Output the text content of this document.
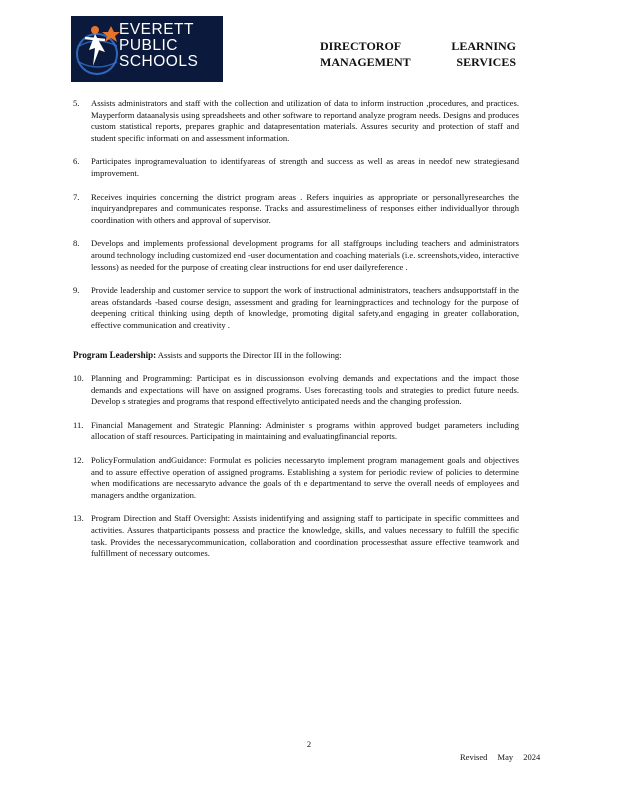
EVERETT
PUBLIC
SCHOOLS
DIRECTOROF LEARNING
MANAGEMENT SERVICES
5.	Assists administrators and staff with the collection and utilization of data to inform instruction ,procedures, and practices. Mayperform dataanalysis using spreadsheets and other software to reportand analyze program needs. Designs and produces custom statistical reports, prepares graphic and datapresentation materials. Assures security and protection of staff and student specific informati on and assessment information.
6.	Participates inprogramevaluation to identifyareas of strength and success as well as areas in needof new strategiesand improvement.
7.	Receives inquiries concerning the district program areas . Refers inquiries as appropriate or personallyresearches the inquiryandprepares and communicates response. Tracks and assurestimeliness of responses either individuallyor through coordination with others and approval of supervisor.
8.	Develops and implements professional development programs for all staffgroups including teachers and administrators around technology including customized end -user documentation and coaching materials (i.e. screenshots,video, interactive lessons) as needed for the purpose of creating clear instructions for end user dailyreference .
9.	Provide leadership and customer service to support the work of instructional administrators, teachers andsupportstaff in the areas ofstandards -based course design, assessment and grading for learningpractices and technology for the purpose of deepening critical thinking using depth of knowledge, promoting digital safety,and engaging in greater collaboration, effective communication and creativity .
Program Leadership: Assists and supports the Director III in the following:
10. Planning and Programming: Participat es in discussionson evolving demands and expectations and the impact those demands and expectations will have on assigned programs. Uses forecasting tools and strategies to predict future needs. Develop s strategies and programs that respond effectivelyto anticipated needs and the changing profession.
11. Financial Management and Strategic Planning: Administer s programs within approved budget parameters including allocation of staff resources. Participating in maintaining and evaluatingfinancial reports.
12. PolicyFormulation andGuidance: Formulat es policies necessaryto implement program management goals and objectives and to assure effective operation of assigned programs. Establishing a system for periodic review of policies to determine when modifications are necessaryto advance the goals of th e departmentand to serve the overall needs of employees and managers andthe organization.
13. Program Direction and Staff Oversight: Assists inidentifying and assigning staff to participate in specific committees and activities. Assures thatparticipants possess and practice the knowledge, skills, and values necessary to fulfill the specific task. Provides the necessarycommunication, collaboration and coordination processesthat assure effective teamwork and fulfillment of necessary outcomes.
2
Revised May 2024
